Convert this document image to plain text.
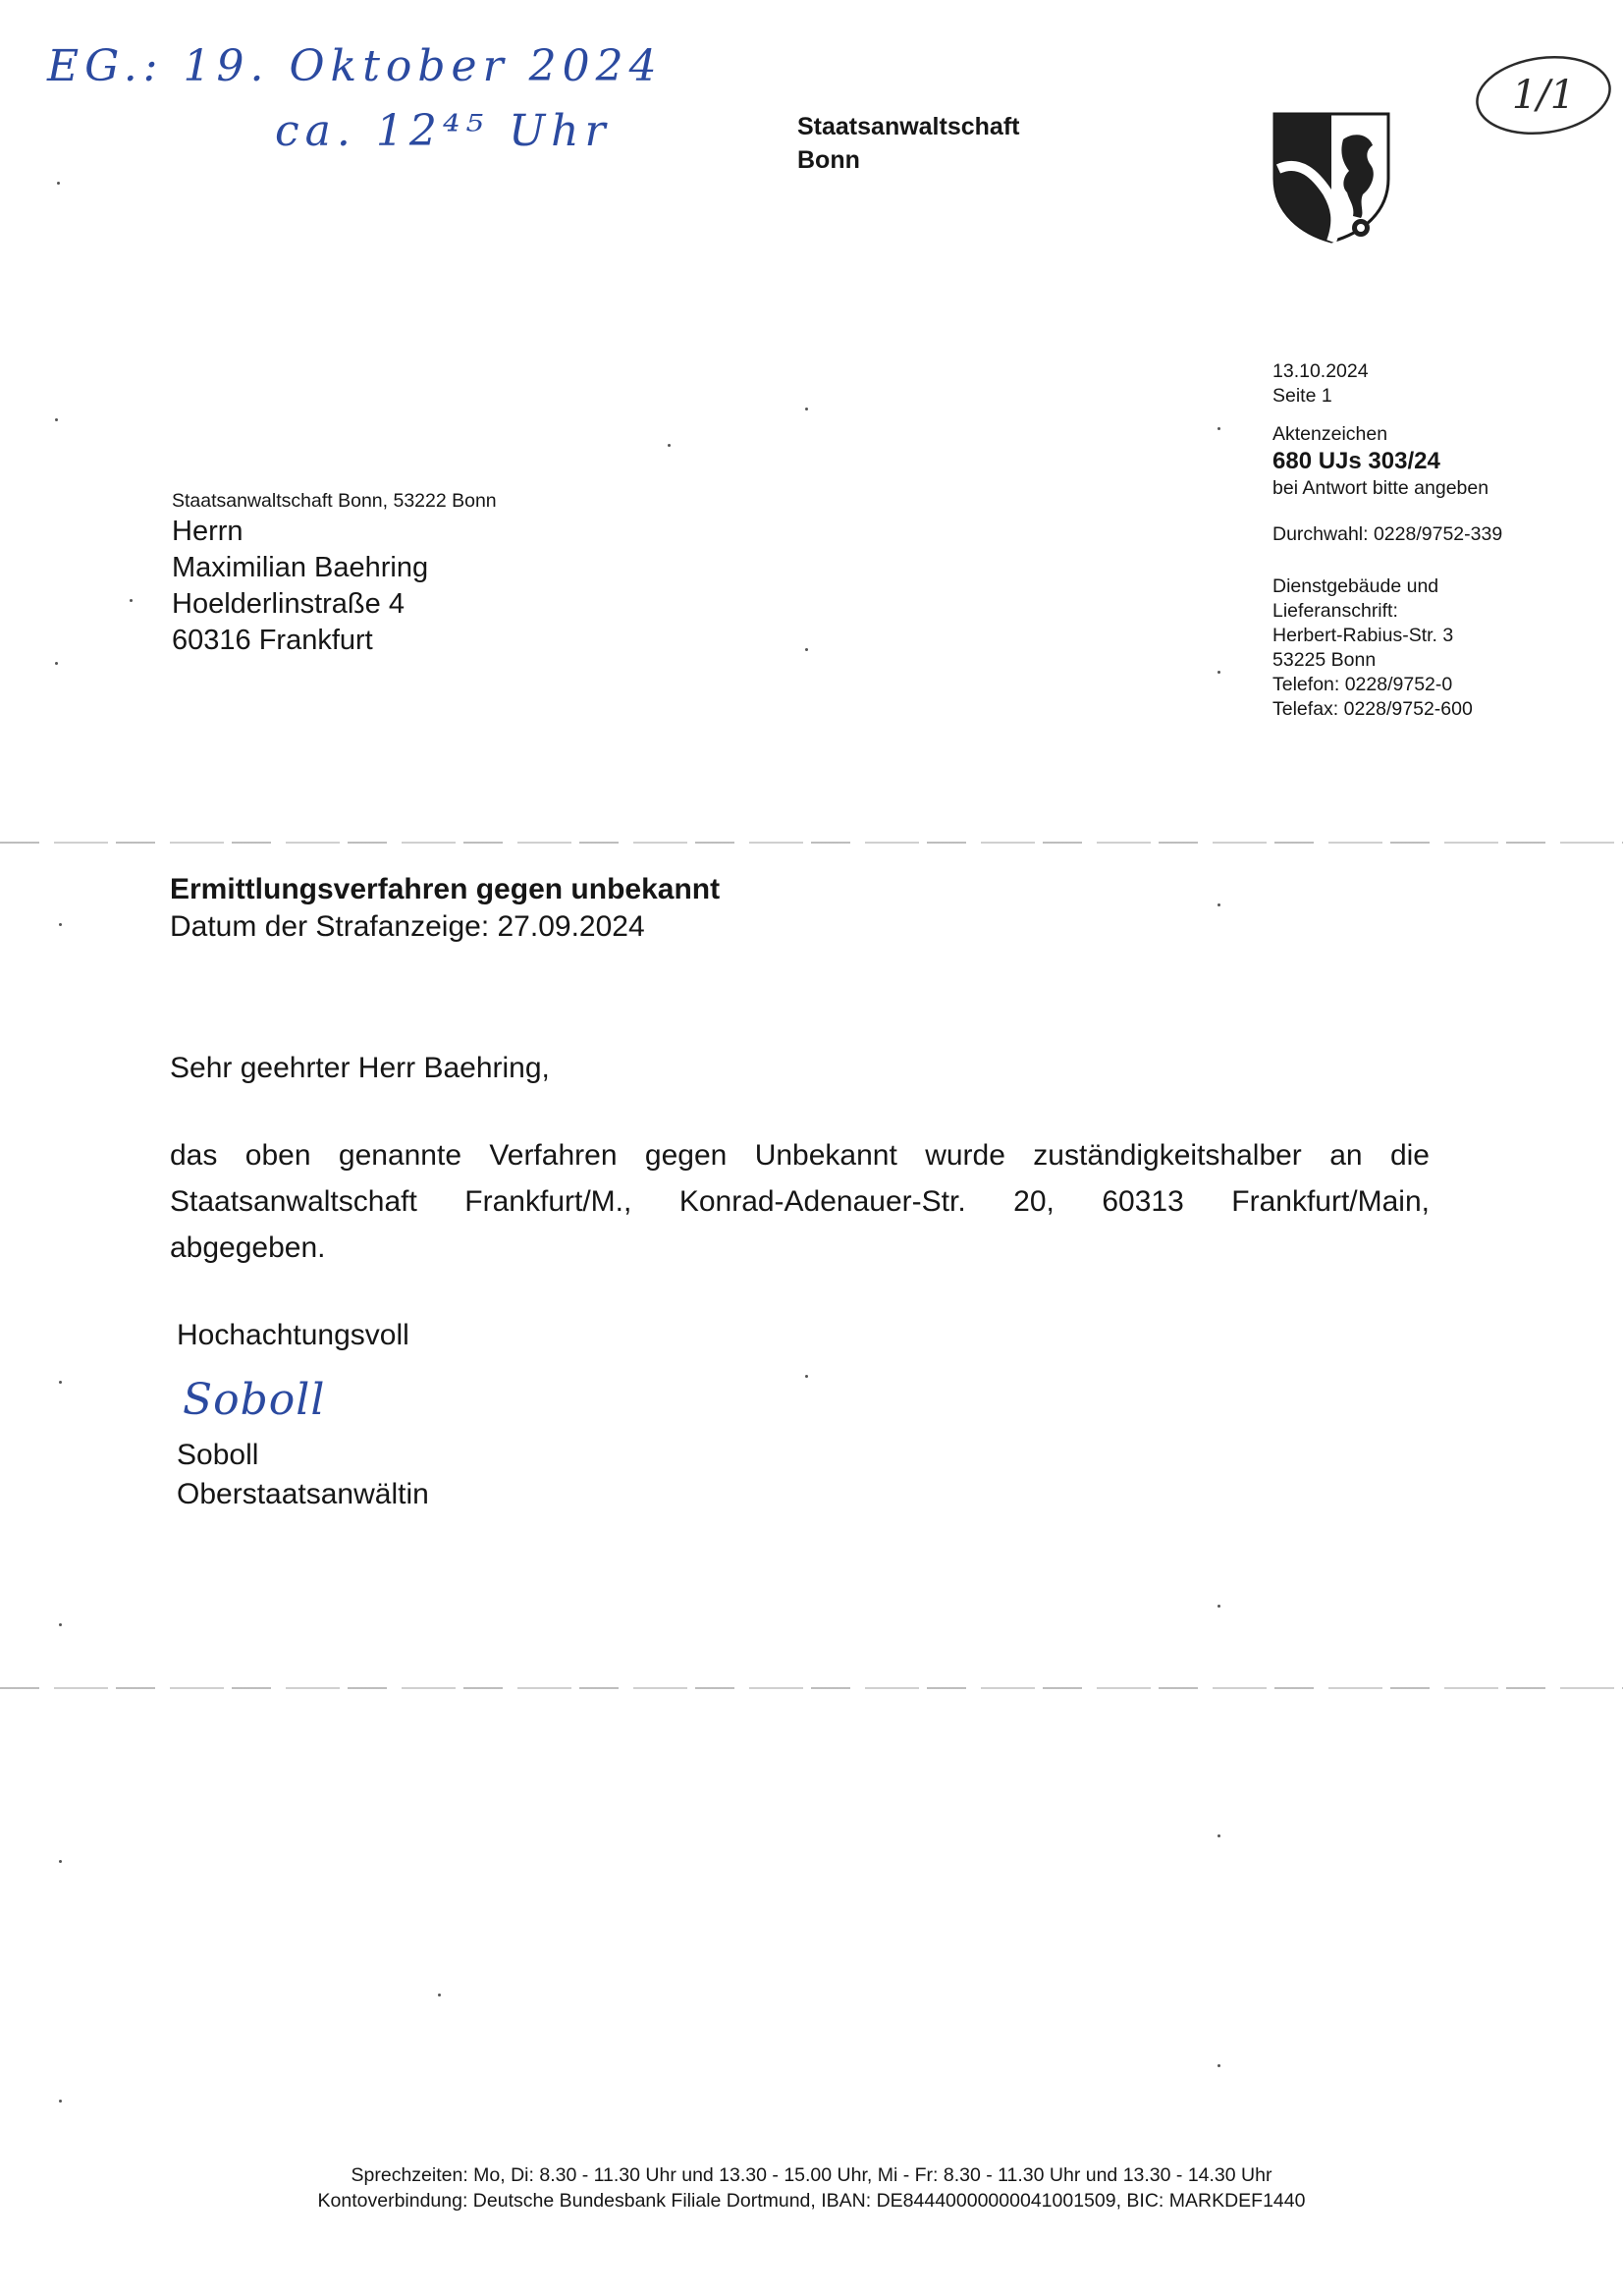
EG.: 19. Oktober 2024
ca. 12⁴⁵ Uhr
1/1
Staatsanwaltschaft
Bonn
13.10.2024
Seite 1
Aktenzeichen
680 UJs 303/24
bei Antwort bitte angeben
Durchwahl: 0228/9752-339
Dienstgebäude und
Lieferanschrift:
Herbert-Rabius-Str. 3
53225 Bonn
Telefon: 0228/9752-0
Telefax: 0228/9752-600
Staatsanwaltschaft Bonn, 53222 Bonn
Herrn
Maximilian Baehring
Hoelderlinstraße 4
60316 Frankfurt
Ermittlungsverfahren gegen unbekannt
Datum der Strafanzeige: 27.09.2024
Sehr geehrter Herr Baehring,
das oben genannte Verfahren gegen Unbekannt wurde zuständigkeitshalber an die
Staatsanwaltschaft Frankfurt/M., Konrad-Adenauer-Str. 20, 60313 Frankfurt/Main,
abgegeben.
Hochachtungsvoll
Soboll
Soboll
Oberstaatsanwältin
Sprechzeiten: Mo, Di: 8.30 - 11.30 Uhr und 13.30 - 15.00 Uhr, Mi - Fr: 8.30 - 11.30 Uhr und 13.30 - 14.30 Uhr
Kontoverbindung: Deutsche Bundesbank Filiale Dortmund, IBAN: DE84440000000041001509, BIC: MARKDEF1440
